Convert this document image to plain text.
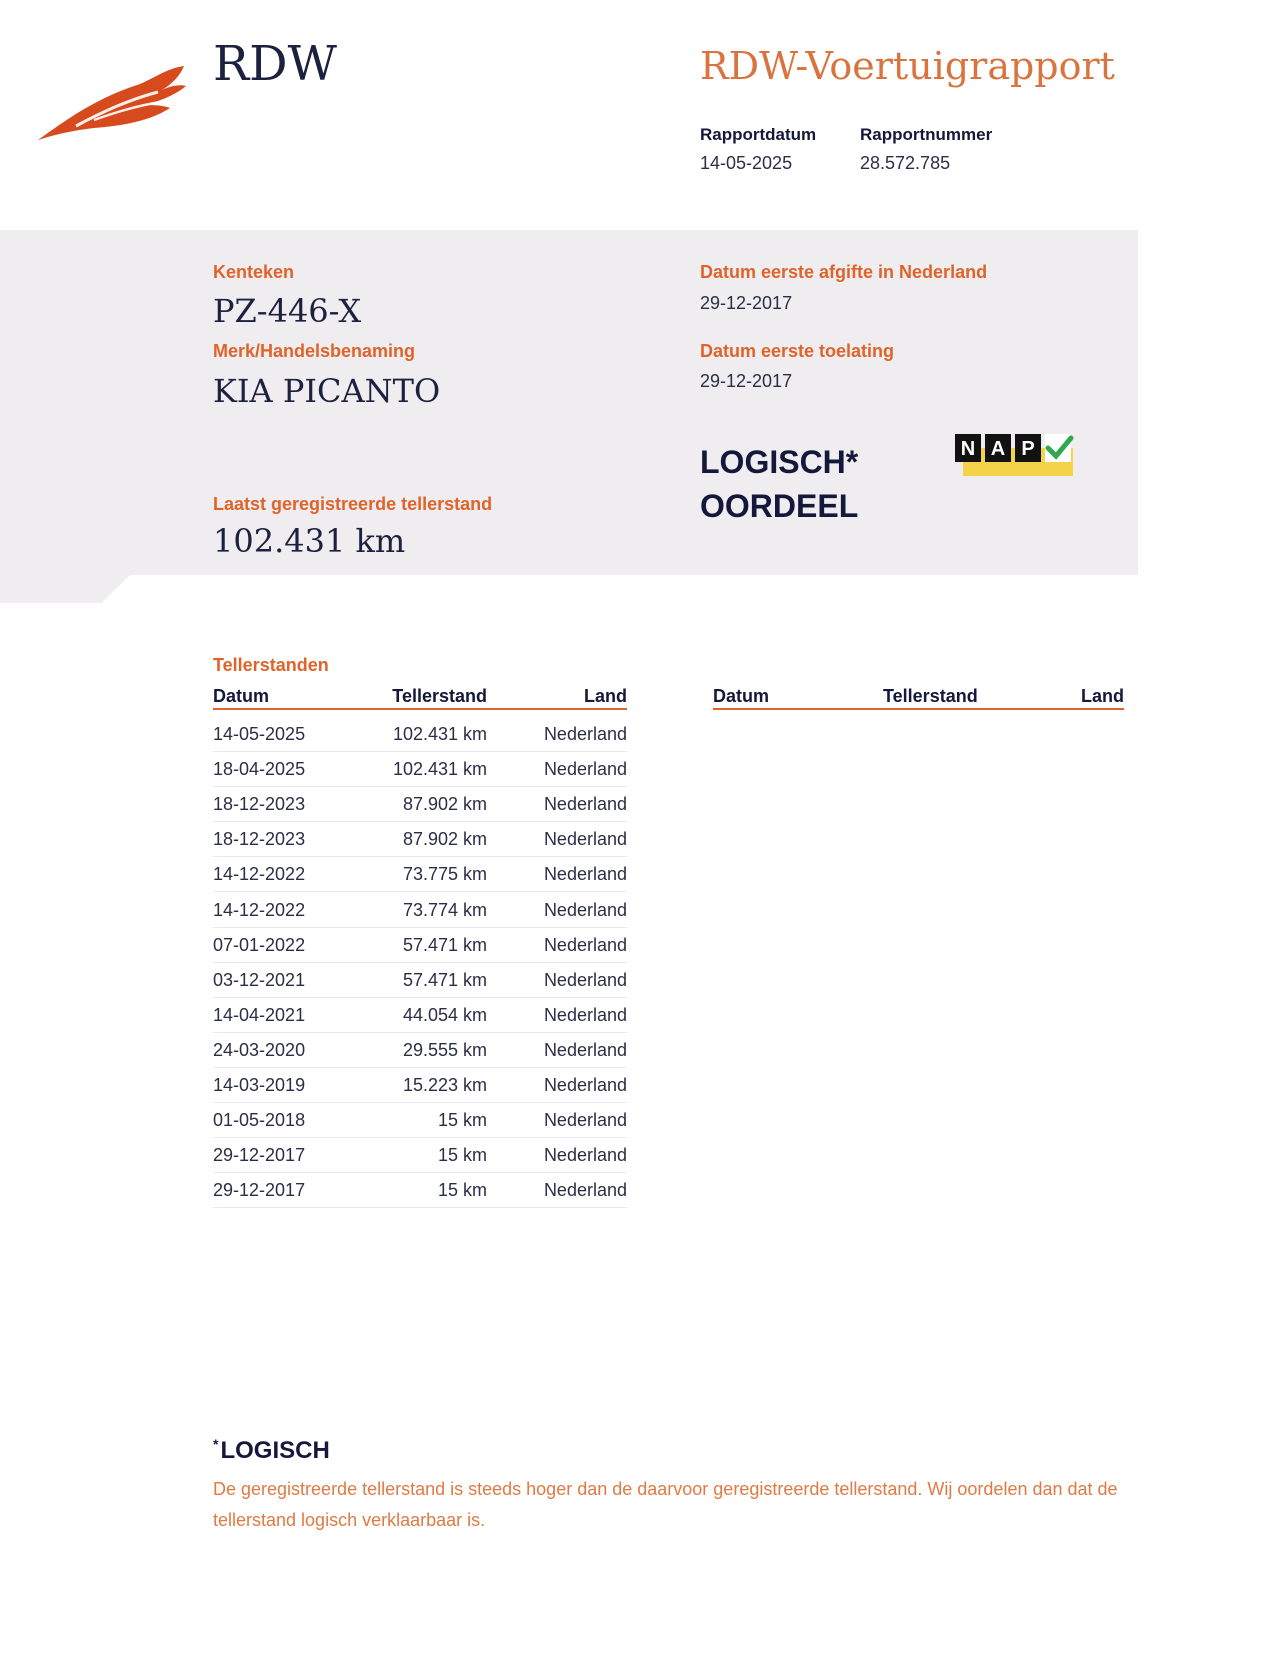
RDW	RDW-Voertuigrapport
Rapportdatum
14-05-2025
Rapportnummer
28.572.785
Kenteken
PZ-446-X
Merk/Handelsbenaming
KIA PICANTO
Laatst geregistreerde tellerstand
102.431 km
Datum eerste afgifte in Nederland
29-12-2017
Datum eerste toelating
29-12-2017
LOGISCH*
OORDEEL
N A P
Tellerstanden
Datum	Tellerstand	Land	Datum	Tellerstand	Land
14-05-2025	102.431 km	Nederland
18-04-2025	102.431 km	Nederland
18-12-2023	87.902 km	Nederland
18-12-2023	87.902 km	Nederland
14-12-2022	73.775 km	Nederland
14-12-2022	73.774 km	Nederland
07-01-2022	57.471 km	Nederland
03-12-2021	57.471 km	Nederland
14-04-2021	44.054 km	Nederland
24-03-2020	29.555 km	Nederland
14-03-2019	15.223 km	Nederland
01-05-2018	15 km	Nederland
29-12-2017	15 km	Nederland
29-12-2017	15 km	Nederland
*LOGISCH
De geregistreerde tellerstand is steeds hoger dan de daarvoor geregistreerde tellerstand. Wij oordelen dan dat de tellerstand logisch verklaarbaar is.
